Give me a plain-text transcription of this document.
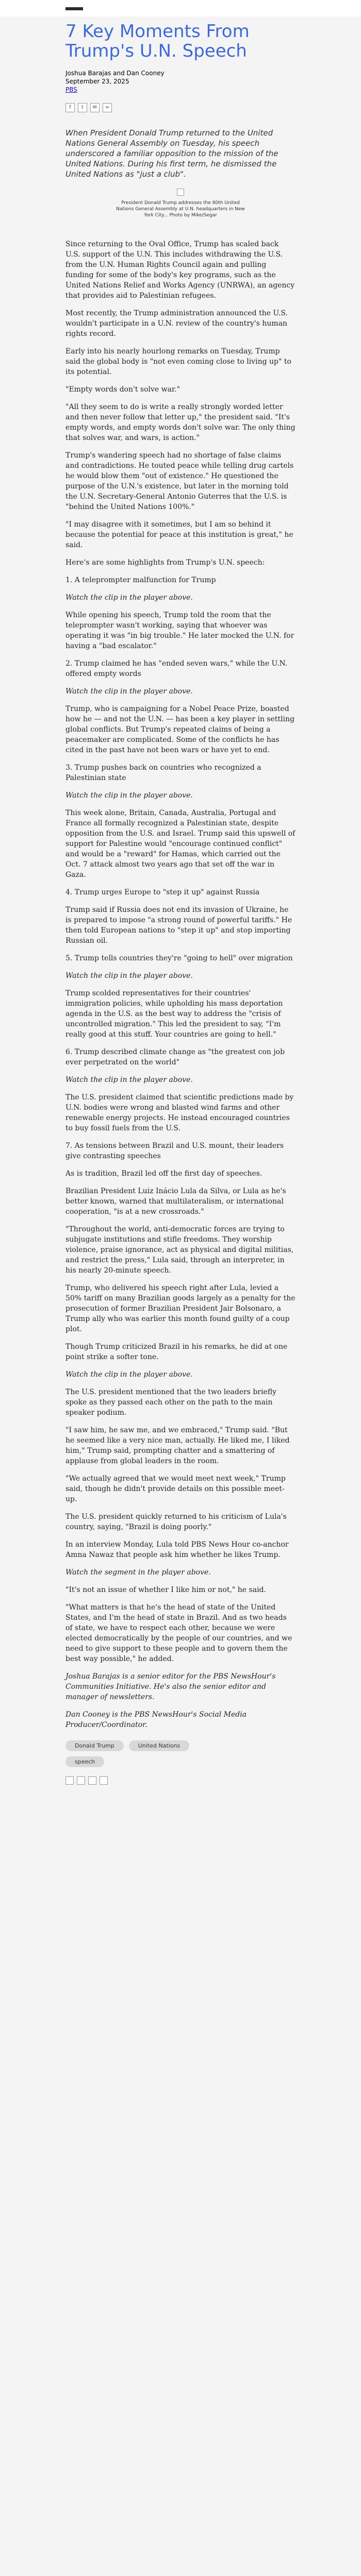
7 Key Moments From Trump's U.N. Speech
Joshua Barajas and Dan Cooney
September 23, 2025
PBS
f	t	✉	∞

When President Donald Trump returned to the United Nations General Assembly on Tuesday, his speech underscored a familiar opposition to the mission of the United Nations. During his first term, he dismissed the United Nations as "just a club".

President Donald Trump addresses the 80th United Nations General Assembly at U.N. headquarters in New York City... Photo by Mike/Segar

Since returning to the Oval Office, Trump has scaled back U.S. support of the U.N. This includes withdrawing the U.S. from the U.N. Human Rights Council again and pulling funding for some of the body's key programs, such as the United Nations Relief and Works Agency (UNRWA), an agency that provides aid to Palestinian refugees.

Most recently, the Trump administration announced the U.S. wouldn't participate in a U.N. review of the country's human rights record.

Early into his nearly hourlong remarks on Tuesday, Trump said the global body is "not even coming close to living up" to its potential.

"Empty words don't solve war."

"All they seem to do is write a really strongly worded letter and then never follow that letter up," the president said. "It's empty words, and empty words don't solve war. The only thing that solves war, and wars, is action."

Trump's wandering speech had no shortage of false claims and contradictions. He touted peace while telling drug cartels he would blow them "out of existence." He questioned the purpose of the U.N.'s existence, but later in the morning told the U.N. Secretary-General Antonio Guterres that the U.S. is "behind the United Nations 100%."

"I may disagree with it sometimes, but I am so behind it because the potential for peace at this institution is great," he said.

Here's are some highlights from Trump's U.N. speech:

1. A teleprompter malfunction for Trump

Watch the clip in the player above.

While opening his speech, Trump told the room that the teleprompter wasn't working, saying that whoever was operating it was "in big trouble." He later mocked the U.N. for having a "bad escalator."

2. Trump claimed he has "ended seven wars," while the U.N. offered empty words

Watch the clip in the player above.

Trump, who is campaigning for a Nobel Peace Prize, boasted how he — and not the U.N. — has been a key player in settling global conflicts. But Trump's repeated claims of being a peacemaker are complicated. Some of the conflicts he has cited in the past have not been wars or have yet to end.

3. Trump pushes back on countries who recognized a Palestinian state

Watch the clip in the player above.

This week alone, Britain, Canada, Australia, Portugal and France all formally recognized a Palestinian state, despite opposition from the U.S. and Israel. Trump said this upswell of support for Palestine would "encourage continued conflict" and would be a "reward" for Hamas, which carried out the Oct. 7 attack almost two years ago that set off the war in Gaza.

4. Trump urges Europe to "step it up" against Russia

Trump said if Russia does not end its invasion of Ukraine, he is prepared to impose "a strong round of powerful tariffs." He then told European nations to "step it up" and stop importing Russian oil.

5. Trump tells countries they're "going to hell" over migration

Watch the clip in the player above.

Trump scolded representatives for their countries' immigration policies, while upholding his mass deportation agenda in the U.S. as the best way to address the "crisis of uncontrolled migration." This led the president to say, "I'm really good at this stuff. Your countries are going to hell."

6. Trump described climate change as "the greatest con job ever perpetrated on the world"

Watch the clip in the player above.

The U.S. president claimed that scientific predictions made by U.N. bodies were wrong and blasted wind farms and other renewable energy projects. He instead encouraged countries to buy fossil fuels from the U.S.

7. As tensions between Brazil and U.S. mount, their leaders give contrasting speeches

As is tradition, Brazil led off the first day of speeches.

Brazilian President Luiz Inácio Lula da Silva, or Lula as he's better known, warned that multilateralism, or international cooperation, "is at a new crossroads."

"Throughout the world, anti-democratic forces are trying to subjugate institutions and stifle freedoms. They worship violence, praise ignorance, act as physical and digital militias, and restrict the press," Lula said, through an interpreter, in his nearly 20-minute speech.

Trump, who delivered his speech right after Lula, levied a 50% tariff on many Brazilian goods largely as a penalty for the prosecution of former Brazilian President Jair Bolsonaro, a Trump ally who was earlier this month found guilty of a coup plot.

Though Trump criticized Brazil in his remarks, he did at one point strike a softer tone.

Watch the clip in the player above.

The U.S. president mentioned that the two leaders briefly spoke as they passed each other on the path to the main speaker podium.

"I saw him, he saw me, and we embraced," Trump said. "But he seemed like a very nice man, actually. He liked me, I liked him," Trump said, prompting chatter and a smattering of applause from global leaders in the room.

"We actually agreed that we would meet next week," Trump said, though he didn't provide details on this possible meet-up.

The U.S. president quickly returned to his criticism of Lula's country, saying, "Brazil is doing poorly."

In an interview Monday, Lula told PBS News Hour co-anchor Amna Nawaz that people ask him whether he likes Trump.

Watch the segment in the player above.

"It's not an issue of whether I like him or not," he said.

"What matters is that he's the head of state of the United States, and I'm the head of state in Brazil. And as two heads of state, we have to respect each other, because we were elected democratically by the people of our countries, and we need to give support to these people and to govern them the best way possible," he added.

Joshua Barajas is a senior editor for the PBS NewsHour's Communities Initiative. He's also the senior editor and manager of newsletters.

Dan Cooney is the PBS NewsHour's Social Media Producer/Coordinator.

Donald Trump	United Nations
speech
